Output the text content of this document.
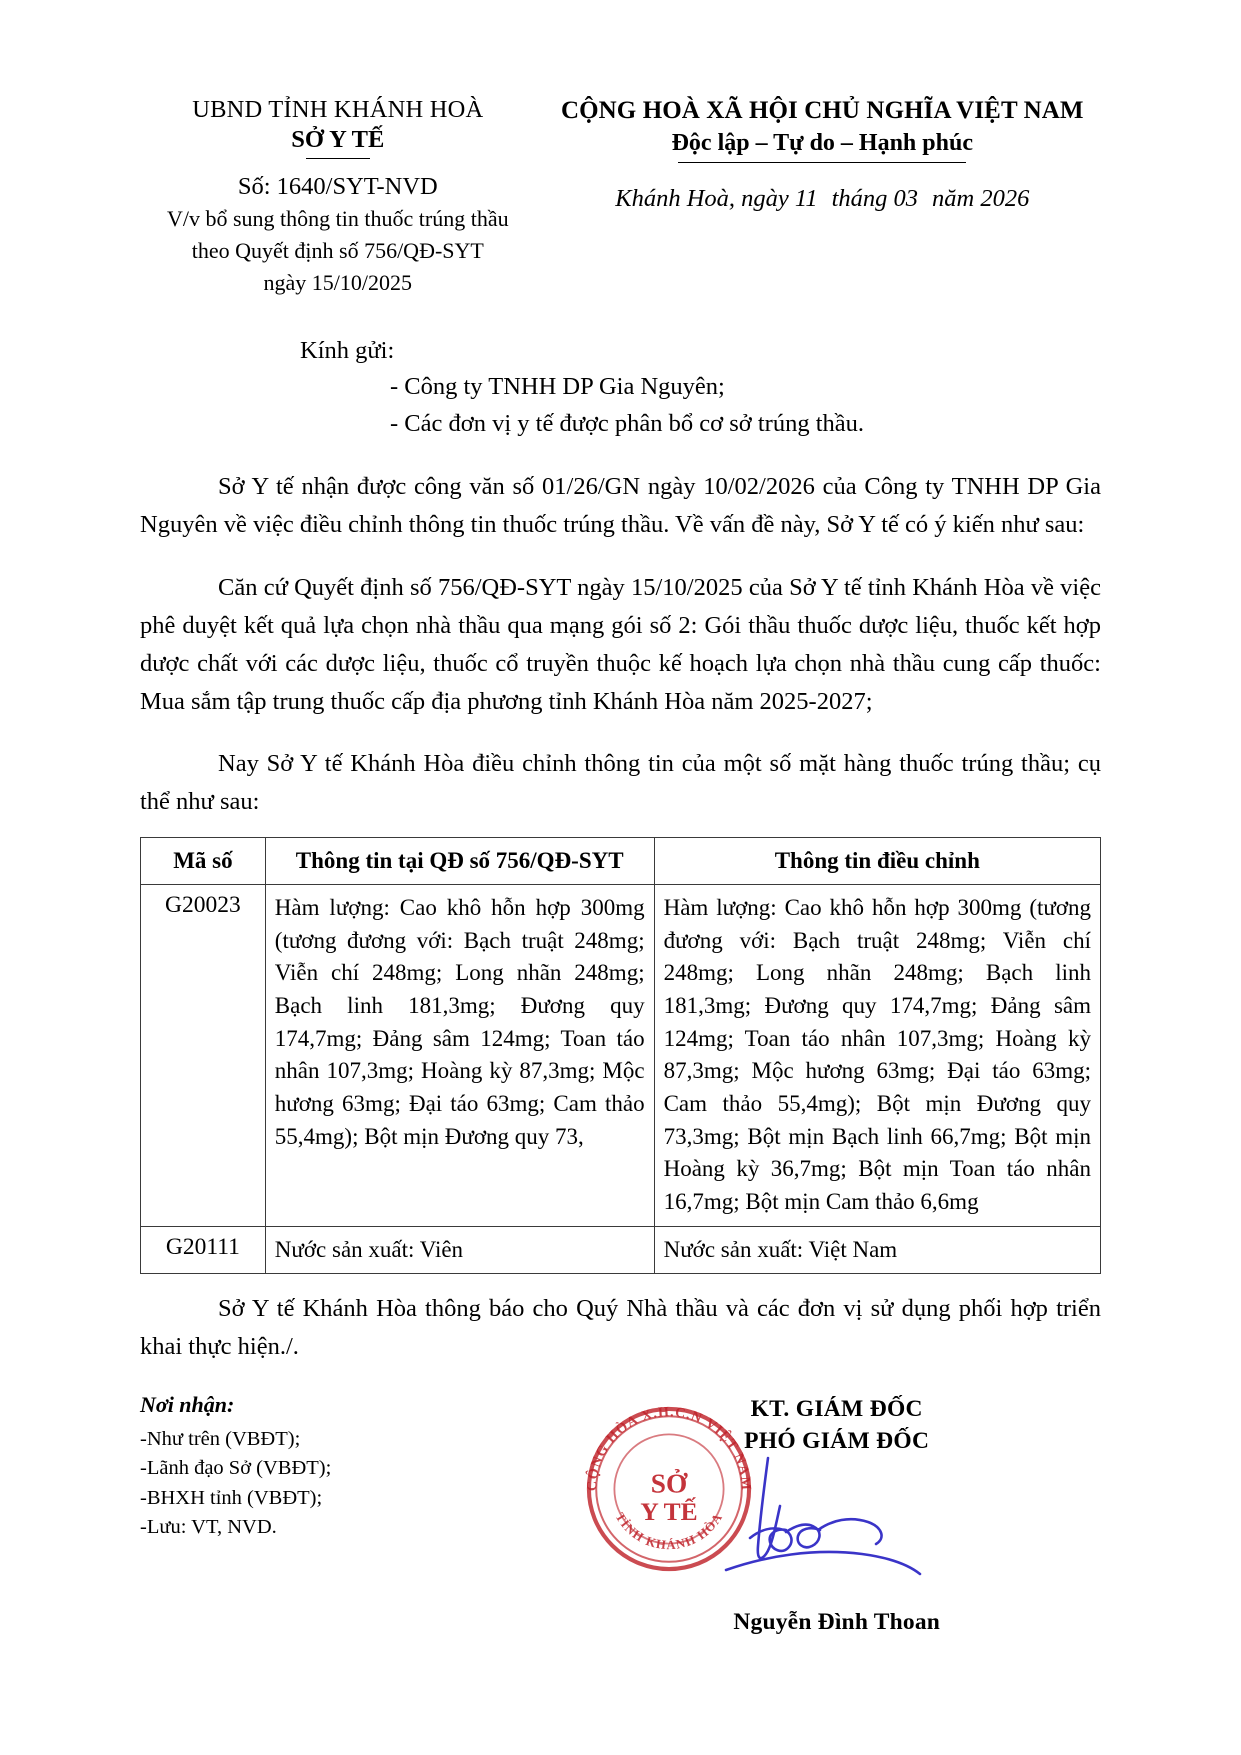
UBND TỈNH KHÁNH HOÀ
SỞ Y TẾ
Số: 1640/SYT-NVD
V/v bổ sung thông tin thuốc trúng thầu
theo Quyết định số 756/QĐ-SYT
ngày 15/10/2025
CỘNG HOÀ XÃ HỘI CHỦ NGHĨA VIỆT NAM
Độc lập – Tự do – Hạnh phúc
Khánh Hoà, ngày 11 tháng 03 năm 2026
Kính gửi:
- Công ty TNHH DP Gia Nguyên;
- Các đơn vị y tế được phân bổ cơ sở trúng thầu.

Sở Y tế nhận được công văn số 01/26/GN ngày 10/02/2026 của Công ty TNHH DP Gia Nguyên về việc điều chỉnh thông tin thuốc trúng thầu. Về vấn đề này, Sở Y tế có ý kiến như sau:

Căn cứ Quyết định số 756/QĐ-SYT ngày 15/10/2025 của Sở Y tế tỉnh Khánh Hòa về việc phê duyệt kết quả lựa chọn nhà thầu qua mạng gói số 2: Gói thầu thuốc dược liệu, thuốc kết hợp dược chất với các dược liệu, thuốc cổ truyền thuộc kế hoạch lựa chọn nhà thầu cung cấp thuốc: Mua sắm tập trung thuốc cấp địa phương tỉnh Khánh Hòa năm 2025-2027;

Nay Sở Y tế Khánh Hòa điều chỉnh thông tin của một số mặt hàng thuốc trúng thầu; cụ thể như sau:

Mã số	Thông tin tại QĐ số 756/QĐ-SYT	Thông tin điều chỉnh
G20023	Hàm lượng: Cao khô hỗn hợp 300mg (tương đương với: Bạch truật 248mg; Viễn chí 248mg; Long nhãn 248mg; Bạch linh 181,3mg; Đương quy 174,7mg; Đảng sâm 124mg; Toan táo nhân 107,3mg; Hoàng kỳ 87,3mg; Mộc hương 63mg; Đại táo 63mg; Cam thảo 55,4mg); Bột mịn Đương quy 73,	Hàm lượng: Cao khô hỗn hợp 300mg (tương đương với: Bạch truật 248mg; Viễn chí 248mg; Long nhãn 248mg; Bạch linh 181,3mg; Đương quy 174,7mg; Đảng sâm 124mg; Toan táo nhân 107,3mg; Hoàng kỳ 87,3mg; Mộc hương 63mg; Đại táo 63mg; Cam thảo 55,4mg); Bột mịn Đương quy 73,3mg; Bột mịn Bạch linh 66,7mg; Bột mịn Hoàng kỳ 36,7mg; Bột mịn Toan táo nhân 16,7mg; Bột mịn Cam thảo 6,6mg
G20111	Nước sản xuất: Viên	Nước sản xuất: Việt Nam

Sở Y tế Khánh Hòa thông báo cho Quý Nhà thầu và các đơn vị sử dụng phối hợp triển khai thực hiện./.

Nơi nhận:
-Như trên (VBĐT);
-Lãnh đạo Sở (VBĐT);
-BHXH tỉnh (VBĐT);
-Lưu: VT, NVD.
CỘNG HÒA X.H.C.N VIỆT NAM
TỈNH KHÁNH HÒA
SỞ
Y TẾ
KT. GIÁM ĐỐC
PHÓ GIÁM ĐỐC
Nguyễn Đình Thoan
